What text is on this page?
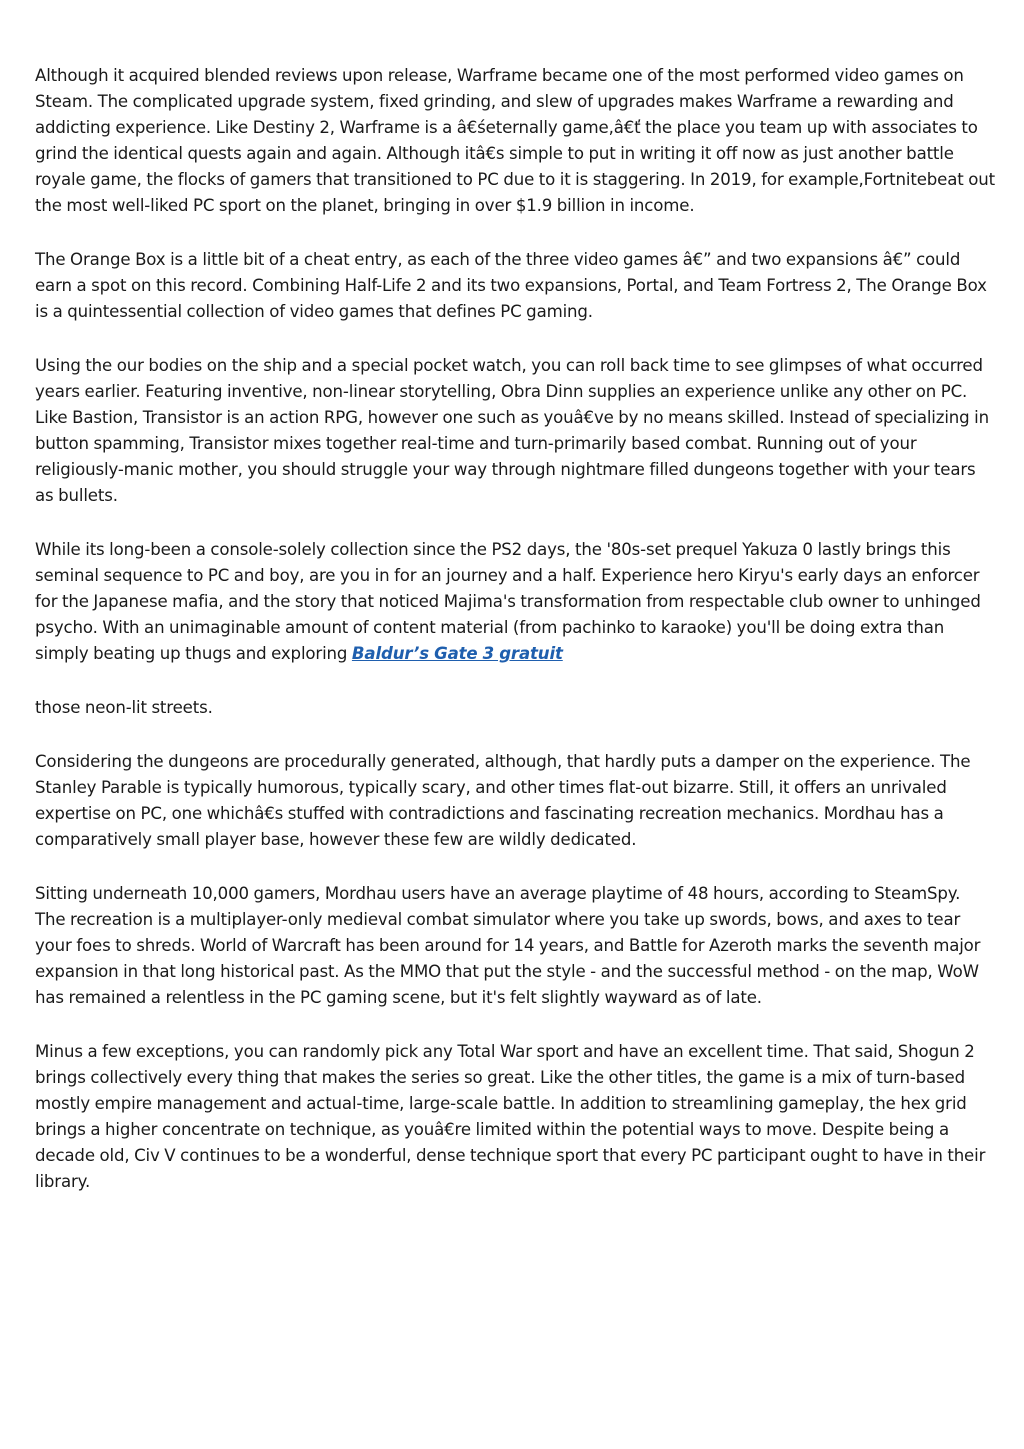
Although it acquired blended reviews upon release, Warframe became one of the most performed video games on Steam. The complicated upgrade system, fixed grinding, and slew of upgrades makes Warframe a rewarding and addicting experience. Like Destiny 2, Warframe is a â€śeternally game,â€ť the place you team up with associates to grind the identical quests again and again. Although itâ€s simple to put in writing it off now as just another battle royale game, the flocks of gamers that transitioned to PC due to it is staggering. In 2019, for example,Fortnitebeat out the most well-liked PC sport on the planet, bringing in over $1.9 billion in income.

The Orange Box is a little bit of a cheat entry, as each of the three video games â€” and two expansions â€” could earn a spot on this record. Combining Half-Life 2 and its two expansions, Portal, and Team Fortress 2, The Orange Box is a quintessential collection of video games that defines PC gaming.

Using the our bodies on the ship and a special pocket watch, you can roll back time to see glimpses of what occurred years earlier. Featuring inventive, non-linear storytelling, Obra Dinn supplies an experience unlike any other on PC. Like Bastion, Transistor is an action RPG, however one such as youâ€ve by no means skilled. Instead of specializing in button spamming, Transistor mixes together real-time and turn-primarily based combat. Running out of your religiously-manic mother, you should struggle your way through nightmare filled dungeons together with your tears as bullets.

While its long-been a console-solely collection since the PS2 days, the '80s-set prequel Yakuza 0 lastly brings this seminal sequence to PC and boy, are you in for an journey and a half. Experience hero Kiryu's early days an enforcer for the Japanese mafia, and the story that noticed Majima's transformation from respectable club owner to unhinged psycho. With an unimaginable amount of content material (from pachinko to karaoke) you'll be doing extra than simply beating up thugs and exploring Baldur’s Gate 3 gratuit

those neon-lit streets.

Considering the dungeons are procedurally generated, although, that hardly puts a damper on the experience. The Stanley Parable is typically humorous, typically scary, and other times flat-out bizarre. Still, it offers an unrivaled expertise on PC, one whichâ€s stuffed with contradictions and fascinating recreation mechanics. Mordhau has a comparatively small player base, however these few are wildly dedicated.

Sitting underneath 10,000 gamers, Mordhau users have an average playtime of 48 hours, according to SteamSpy. The recreation is a multiplayer-only medieval combat simulator where you take up swords, bows, and axes to tear your foes to shreds. World of Warcraft has been around for 14 years, and Battle for Azeroth marks the seventh major expansion in that long historical past. As the MMO that put the style - and the successful method - on the map, WoW has remained a relentless in the PC gaming scene, but it's felt slightly wayward as of late.

Minus a few exceptions, you can randomly pick any Total War sport and have an excellent time. That said, Shogun 2 brings collectively every thing that makes the series so great. Like the other titles, the game is a mix of turn-based mostly empire management and actual-time, large-scale battle. In addition to streamlining gameplay, the hex grid brings a higher concentrate on technique, as youâ€re limited within the potential ways to move. Despite being a decade old, Civ V continues to be a wonderful, dense technique sport that every PC participant ought to have in their library.
